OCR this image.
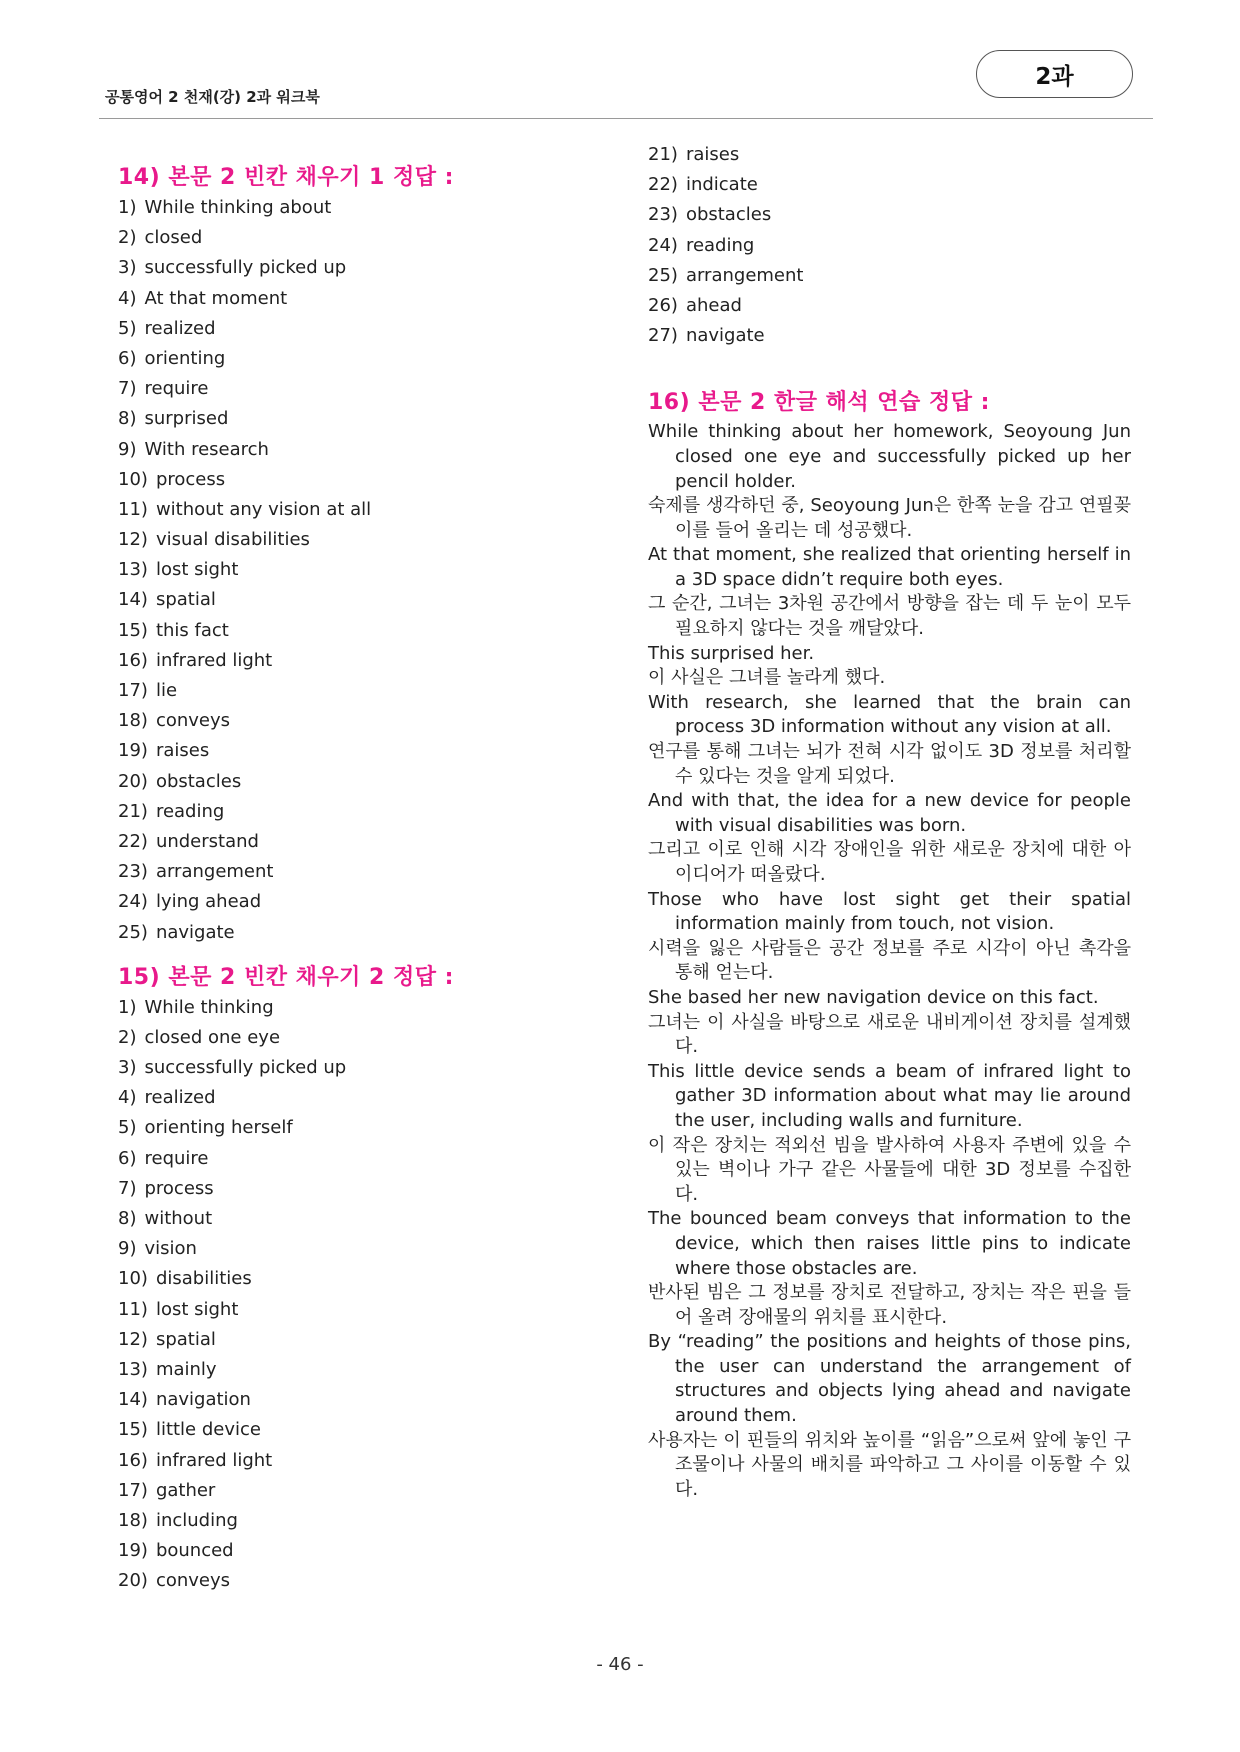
공통영어 2 천재(강) 2과 워크북
2과
14) 본문 2 빈칸 채우기 1 정답 :
1) While thinking about
2) closed
3) successfully picked up
4) At that moment
5) realized
6) orienting
7) require
8) surprised
9) With research
10) process
11) without any vision at all
12) visual disabilities
13) lost sight
14) spatial
15) this fact
16) infrared light
17) lie
18) conveys
19) raises
20) obstacles
21) reading
22) understand
23) arrangement
24) lying ahead
25) navigate
15) 본문 2 빈칸 채우기 2 정답 :
1) While thinking
2) closed one eye
3) successfully picked up
4) realized
5) orienting herself
6) require
7) process
8) without
9) vision
10) disabilities
11) lost sight
12) spatial
13) mainly
14) navigation
15) little device
16) infrared light
17) gather
18) including
19) bounced
20) conveys
21) raises
22) indicate
23) obstacles
24) reading
25) arrangement
26) ahead
27) navigate
16) 본문 2 한글 해석 연습 정답 :

While thinking about her homework, Seoyoung Jun closed one eye and successfully picked up her pencil holder.

숙제를 생각하던 중, Seoyoung Jun은 한쪽 눈을 감고 연필꽂이를 들어 올리는 데 성공했다.

At that moment, she realized that orienting herself in a 3D space didn’t require both eyes.

그 순간, 그녀는 3차원 공간에서 방향을 잡는 데 두 눈이 모두 필요하지 않다는 것을 깨달았다.

This surprised her.

이 사실은 그녀를 놀라게 했다.

With research, she learned that the brain can process 3D information without any vision at all.

연구를 통해 그녀는 뇌가 전혀 시각 없이도 3D 정보를 처리할 수 있다는 것을 알게 되었다.

And with that, the idea for a new device for people with visual disabilities was born.

그리고 이로 인해 시각 장애인을 위한 새로운 장치에 대한 아이디어가 떠올랐다.

Those who have lost sight get their spatial information mainly from touch, not vision.

시력을 잃은 사람들은 공간 정보를 주로 시각이 아닌 촉각을 통해 얻는다.

She based her new navigation device on this fact.

그녀는 이 사실을 바탕으로 새로운 내비게이션 장치를 설계했다.

This little device sends a beam of infrared light to gather 3D information about what may lie around the user, including walls and furniture.

이 작은 장치는 적외선 빔을 발사하여 사용자 주변에 있을 수 있는 벽이나 가구 같은 사물들에 대한 3D 정보를 수집한다.

The bounced beam conveys that information to the device, which then raises little pins to indicate where those obstacles are.

반사된 빔은 그 정보를 장치로 전달하고, 장치는 작은 핀을 들어 올려 장애물의 위치를 표시한다.

By “reading” the positions and heights of those pins, the user can understand the arrangement of structures and objects lying ahead and navigate around them.

사용자는 이 핀들의 위치와 높이를 “읽음”으로써 앞에 놓인 구조물이나 사물의 배치를 파악하고 그 사이를 이동할 수 있다.

- 46 -
